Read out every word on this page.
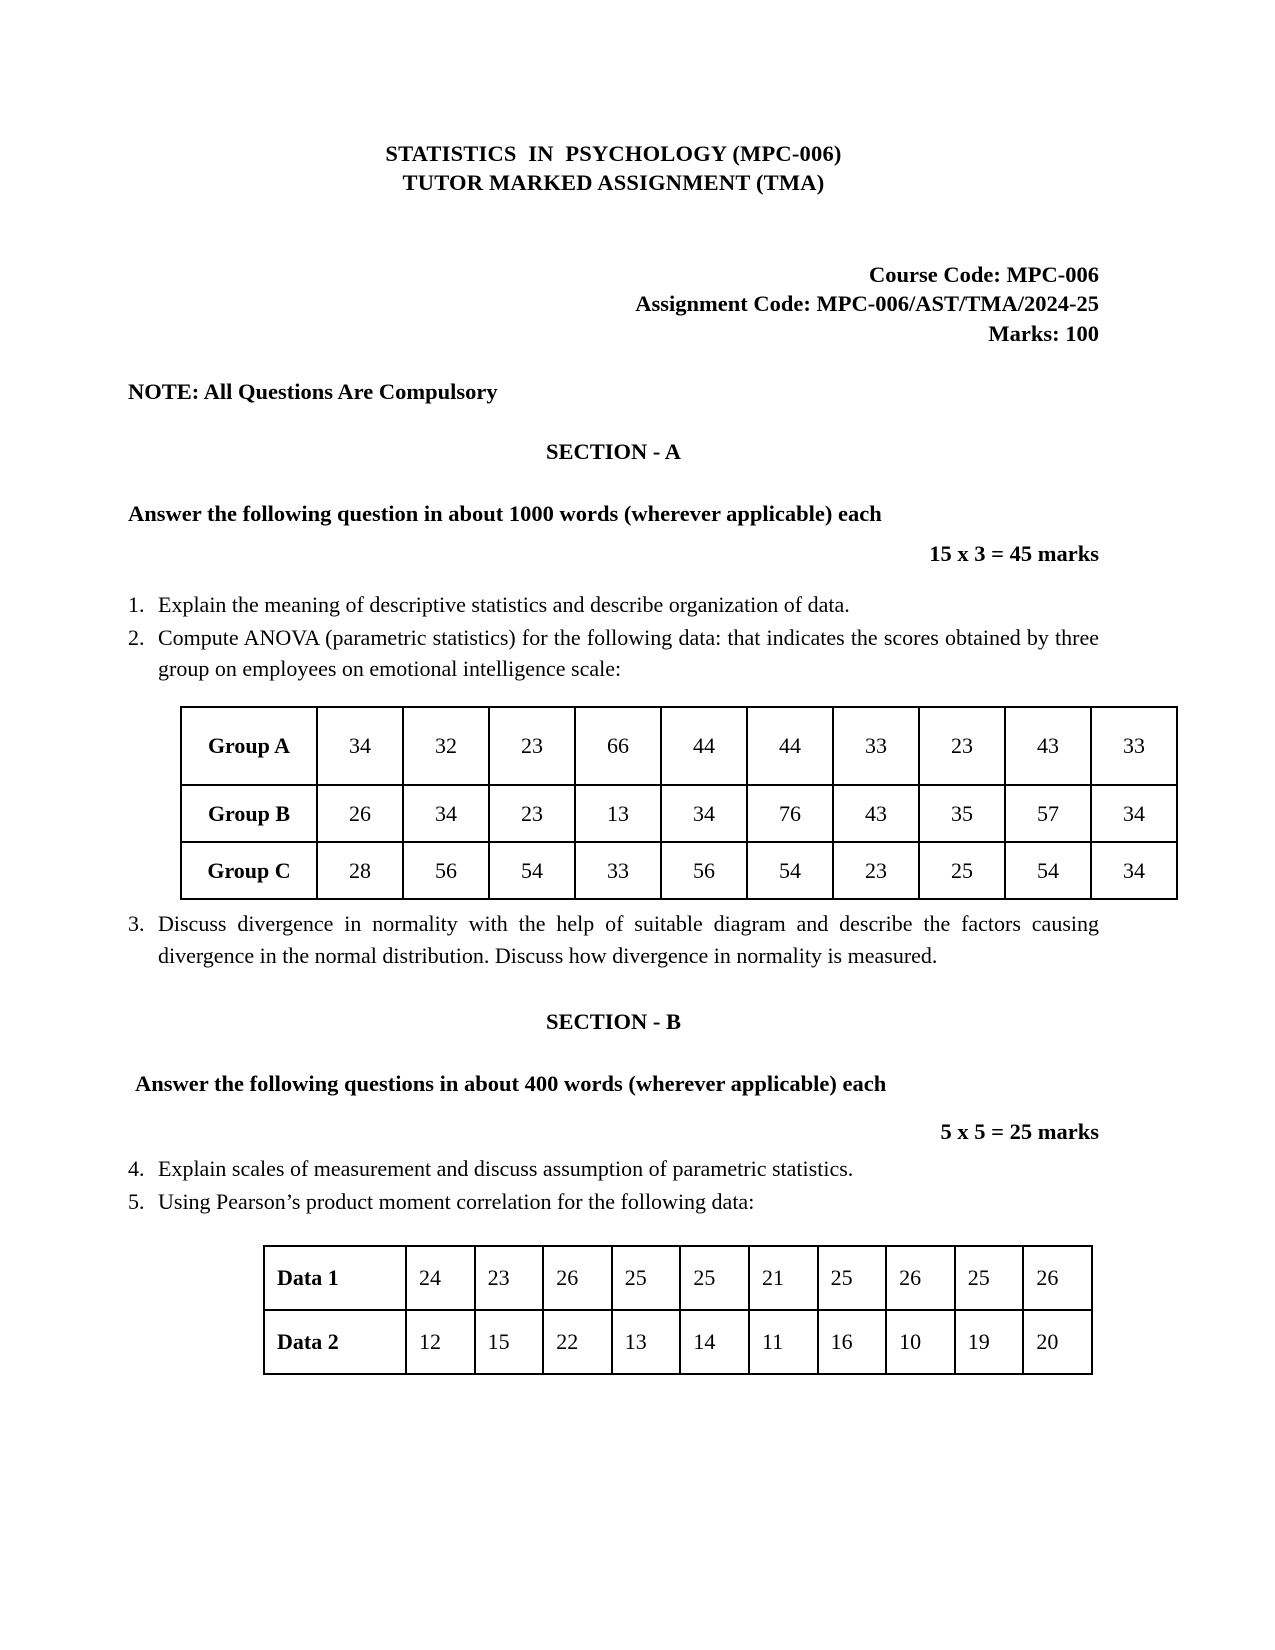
STATISTICS  IN  PSYCHOLOGY (MPC-006)
TUTOR MARKED ASSIGNMENT (TMA)
Course Code: MPC-006
Assignment Code: MPC-006/AST/TMA/2024-25
Marks: 100
NOTE: All Questions Are Compulsory
SECTION - A
Answer the following question in about 1000 words (wherever applicable) each
15 x 3 = 45 marks
1. Explain the meaning of descriptive statistics and describe organization of data.
2. Compute ANOVA (parametric statistics) for the following data: that indicates the scores obtained by three group on employees on emotional intelligence scale:
Group A	34	32	23	66	44	44	33	23	43	33
Group B	26	34	23	13	34	76	43	35	57	34
Group C	28	56	54	33	56	54	23	25	54	34
3. Discuss divergence in normality with the help of suitable diagram and describe the factors causing divergence in the normal distribution. Discuss how divergence in normality is measured.
SECTION - B
Answer the following questions in about 400 words (wherever applicable) each
5 x 5 = 25 marks
4. Explain scales of measurement and discuss assumption of parametric statistics.
5. Using Pearson’s product moment correlation for the following data:
Data 1	24	23	26	25	25	21	25	26	25	26
Data 2	12	15	22	13	14	11	16	10	19	20
